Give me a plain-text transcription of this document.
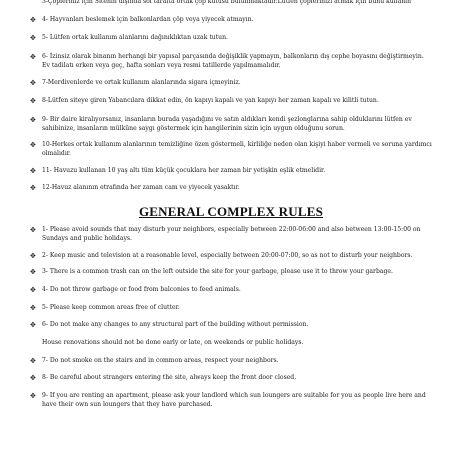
3-Çöpleriniz için Sitenin dışında sol tarafta ortak çöp kutusu bulunmaktadır.Lütfen çöplerinizi atmak için bunu kullanın
✥ 4- Hayvanları beslemek için balkonlardan çöp veya yiyecek atmayın.
✥ 5- Lütfen ortak kullanım alanlarını dağınıklıktan uzak tutun.
✥ 6- İzinsiz olarak binanın herhangi bir yapısal parçasında değişiklik yapmayın, balkonların dış cephe boyasını değiştirmeyin. Ev tadilatı erken veya geç, hafta sonları veya resmi tatillerde yapılmamalıdır.
✥ 7-Merdivenlerde ve ortak kullanım alanlarında sigara içmeyiniz.
✥ 8-Lütfen siteye giren Yabancılara dikkat edin, ön kapıyı kapalı ve yan kapıyı her zaman kapalı ve kilitli tutun.
✥ 9- Bir daire kiralıyorsanız, insanların burada yaşadığını ve satın aldıkları kendi şezlonglarına sahip olduklarını lütfen ev sahibinize, insanların mülküne saygı göstermek için hangilerinin sizin için uygun olduğunu sorun.
✥ 10-Herkes ortak kullanım alanlarının temizliğine özen göstermeli, kirliliğe neden olan kişiyi haber vermeli ve soruna yardımcı olmalıdır.
✥ 11- Havuzu kullanan 10 yaş altı tüm küçük çocuklara her zaman bir yetişkin eşlik etmelidir.
✥ 12-Havuz alanının etrafında her zaman cam ve yiyecek yasaktır.
GENERAL COMPLEX RULES
✥ 1- Please avoid sounds that may disturb your neighbors, especially between 22:00-06:00 and also between 13:00-15:00 on Sundays and public holidays.
✥ 2- Keep music and television at a reasonable level, especially between 20:00-07:00, so as not to disturb your neighbors.
✥ 3- There is a common trash can on the left outside the site for your garbage, please use it to throw your garbage.
✥ 4- Do not throw garbage or food from balconies to feed animals.
✥ 5- Please keep common areas free of clutter.
✥ 6- Do not make any changes to any structural part of the building without permission.
House renovations should not be done early or late, on weekends or public holidays.
✥ 7- Do not smoke on the stairs and in common areas, respect your neighbors.
✥ 8- Be careful about strangers entering the site, always keep the front door closed.
✥ 9- If you are renting an apartment, please ask your landlord which sun loungers are suitable for you as people live here and have their own sun loungers that they have purchased.
